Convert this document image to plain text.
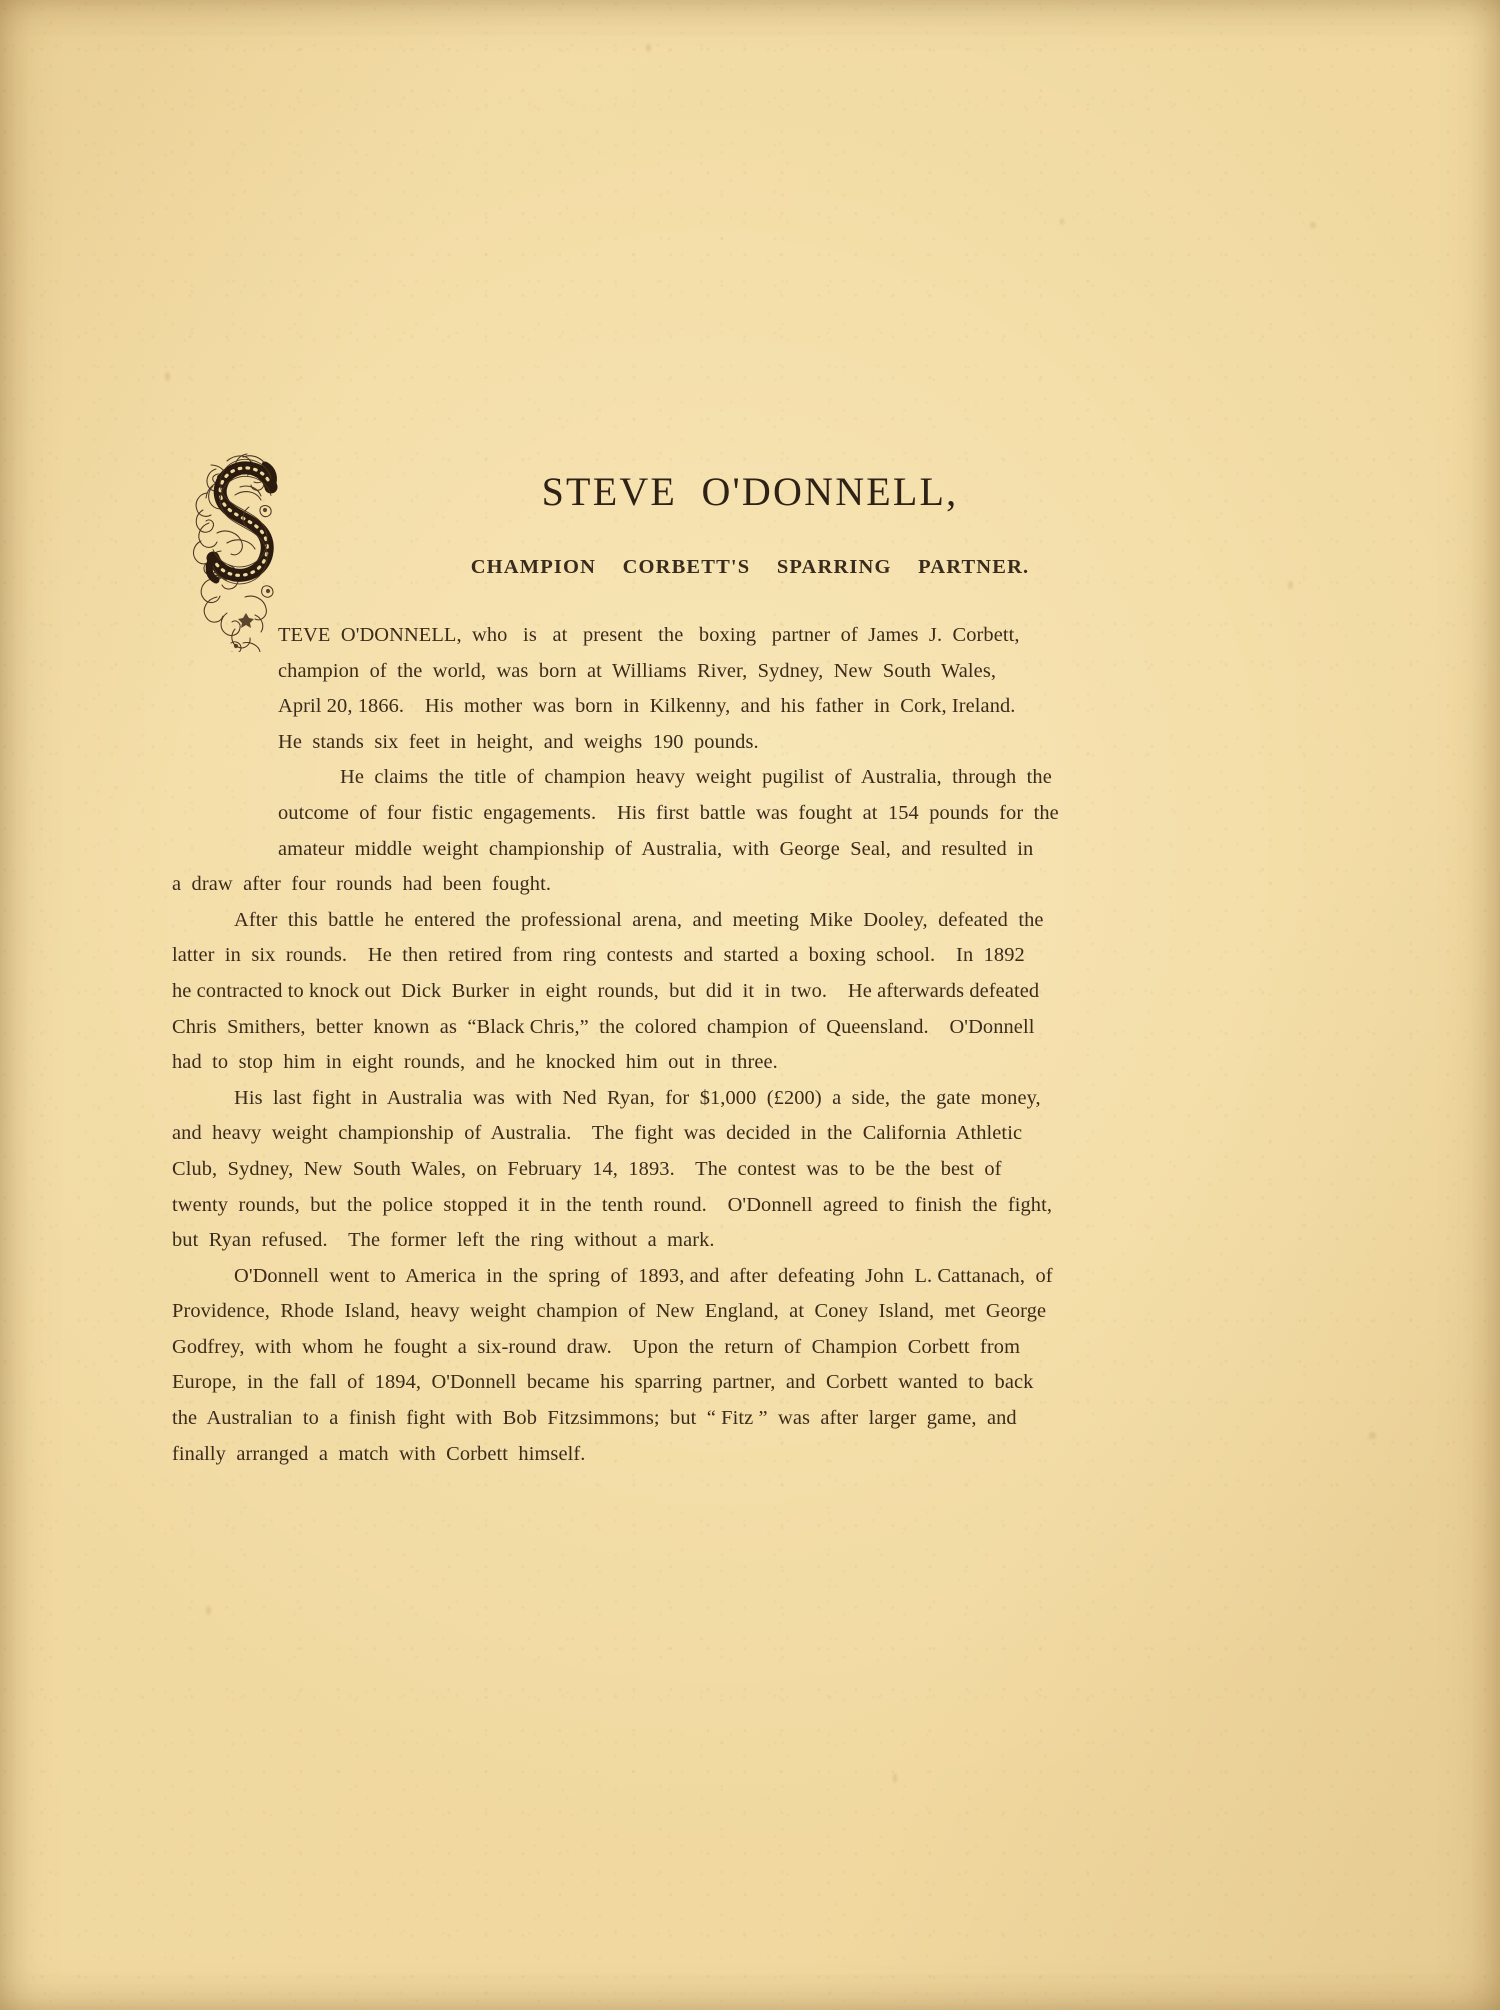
STEVE  O'DONNELL,
CHAMPION  CORBETT'S  SPARRING  PARTNER.
TEVE  O'DONNELL,  who   is   at   present   the   boxing   partner  of  James  J.  Corbett,
champion  of  the  world,  was  born  at  Williams  River,  Sydney,  New  South  Wales,
April 20, 1866.    His  mother  was  born  in  Kilkenny,  and  his  father  in  Cork, Ireland.
He  stands  six  feet  in  height,  and  weighs  190  pounds.
He  claims  the  title  of  champion  heavy  weight  pugilist  of  Australia,  through  the
outcome  of  four  fistic  engagements.    His  first  battle  was  fought  at  154  pounds  for  the
amateur  middle  weight  championship  of  Australia,  with  George  Seal,  and  resulted  in
a  draw  after  four  rounds  had  been  fought.
After  this  battle  he  entered  the  professional  arena,  and  meeting  Mike  Dooley,  defeated  the
latter  in  six  rounds.    He  then  retired  from  ring  contests  and  started  a  boxing  school.    In  1892
he contracted to knock out  Dick  Burker  in  eight  rounds,  but  did  it  in  two.    He afterwards defeated
Chris  Smithers,  better  known  as  “Black Chris,”  the  colored  champion  of  Queensland.    O'Donnell
had  to  stop  him  in  eight  rounds,  and  he  knocked  him  out  in  three.
His  last  fight  in  Australia  was  with  Ned  Ryan,  for  $1,000  (£200)  a  side,  the  gate  money,
and  heavy  weight  championship  of  Australia.    The  fight  was  decided  in  the  California  Athletic
Club,  Sydney,  New  South  Wales,  on  February  14,  1893.    The  contest  was  to  be  the  best  of
twenty  rounds,  but  the  police  stopped  it  in  the  tenth  round.    O'Donnell  agreed  to  finish  the  fight,
but  Ryan  refused.    The  former  left  the  ring  without  a  mark.
O'Donnell  went  to  America  in  the  spring  of  1893, and  after  defeating  John  L. Cattanach,  of
Providence,  Rhode  Island,  heavy  weight  champion  of  New  England,  at  Coney  Island,  met  George
Godfrey,  with  whom  he  fought  a  six-round  draw.    Upon  the  return  of  Champion  Corbett  from
Europe,  in  the  fall  of  1894,  O'Donnell  became  his  sparring  partner,  and  Corbett  wanted  to  back
the  Australian  to  a  finish  fight  with  Bob  Fitzsimmons;  but  “ Fitz ”  was  after  larger  game,  and
finally  arranged  a  match  with  Corbett  himself.
